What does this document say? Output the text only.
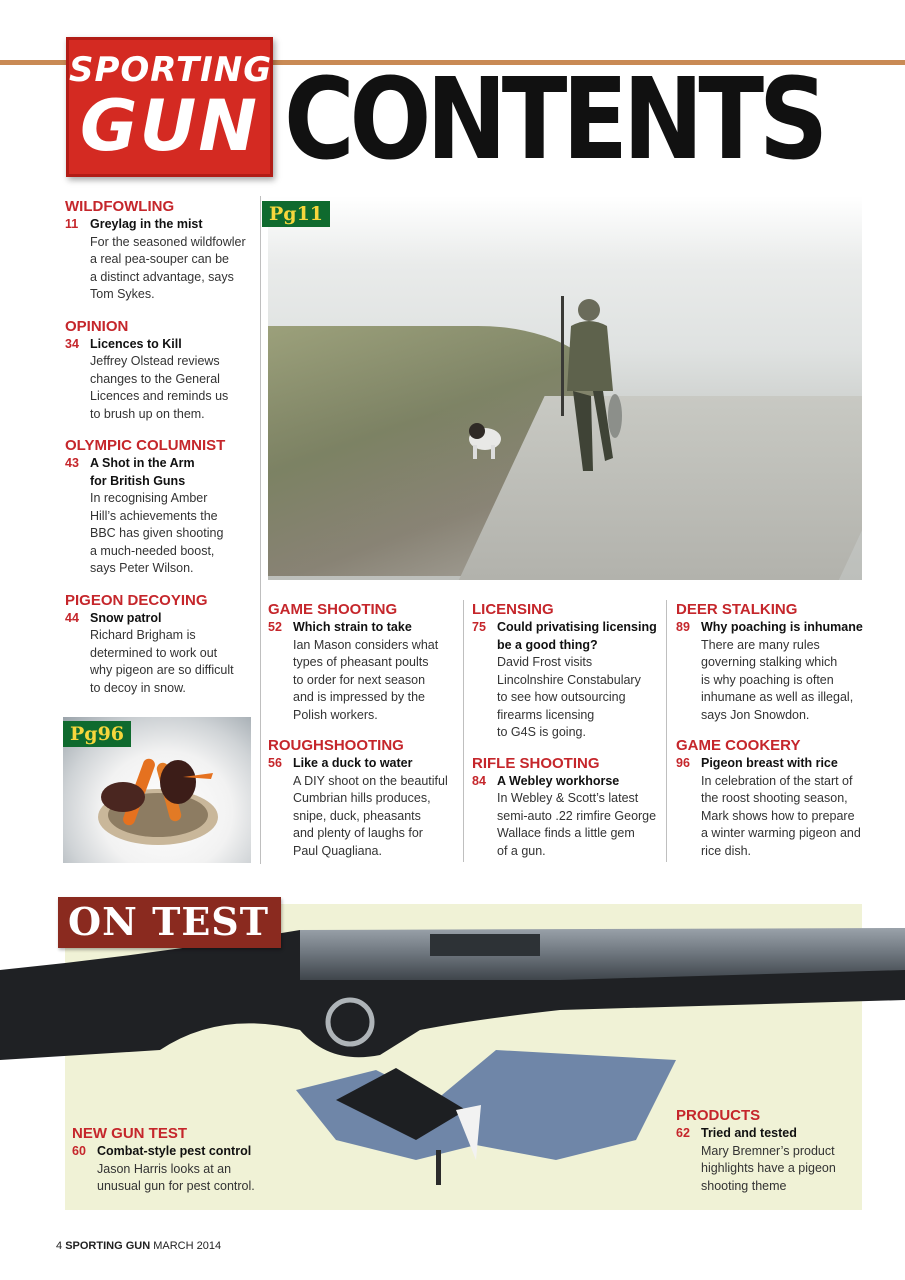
SPORTING
GUN CONTENTS
WILDFOWLING
11 Greylag in the mist
For the seasoned wildfowler
a real pea-souper can be
a distinct advantage, says
Tom Sykes.
OPINION
34 Licences to Kill
Jeffrey Olstead reviews
changes to the General
Licences and reminds us
to brush up on them.
OLYMPIC COLUMNIST
43 A Shot in the Arm
for British Guns
In recognising Amber
Hill’s achievements the
BBC has given shooting
a much-needed boost,
says Peter Wilson.
PIGEON DECOYING
44 Snow patrol
Richard Brigham is
determined to work out
why pigeon are so difficult
to decoy in snow.
Pg11
Pg96
GAME SHOOTING
52 Which strain to take
Ian Mason considers what
types of pheasant poults
to order for next season
and is impressed by the
Polish workers.
ROUGHSHOOTING
56 Like a duck to water
A DIY shoot on the beautiful
Cumbrian hills produces,
snipe, duck, pheasants
and plenty of laughs for
Paul Quagliana.
LICENSING
75 Could privatising licensing
be a good thing?
David Frost visits
Lincolnshire Constabulary
to see how outsourcing
firearms licensing
to G4S is going.
RIFLE SHOOTING
84 A Webley workhorse
In Webley & Scott’s latest
semi-auto .22 rimfire George
Wallace finds a little gem
of a gun.
DEER STALKING
89 Why poaching is inhumane
There are many rules
governing stalking which
is why poaching is often
inhumane as well as illegal,
says Jon Snowdon.
GAME COOKERY
96 Pigeon breast with rice
In celebration of the start of
the roost shooting season,
Mark shows how to prepare
a winter warming pigeon and
rice dish.
ON TEST
NEW GUN TEST
60 Combat-style pest control
Jason Harris looks at an
unusual gun for pest control.
PRODUCTS
62 Tried and tested
Mary Bremner’s product
highlights have a pigeon
shooting theme
4 SPORTING GUN MARCH 2014
